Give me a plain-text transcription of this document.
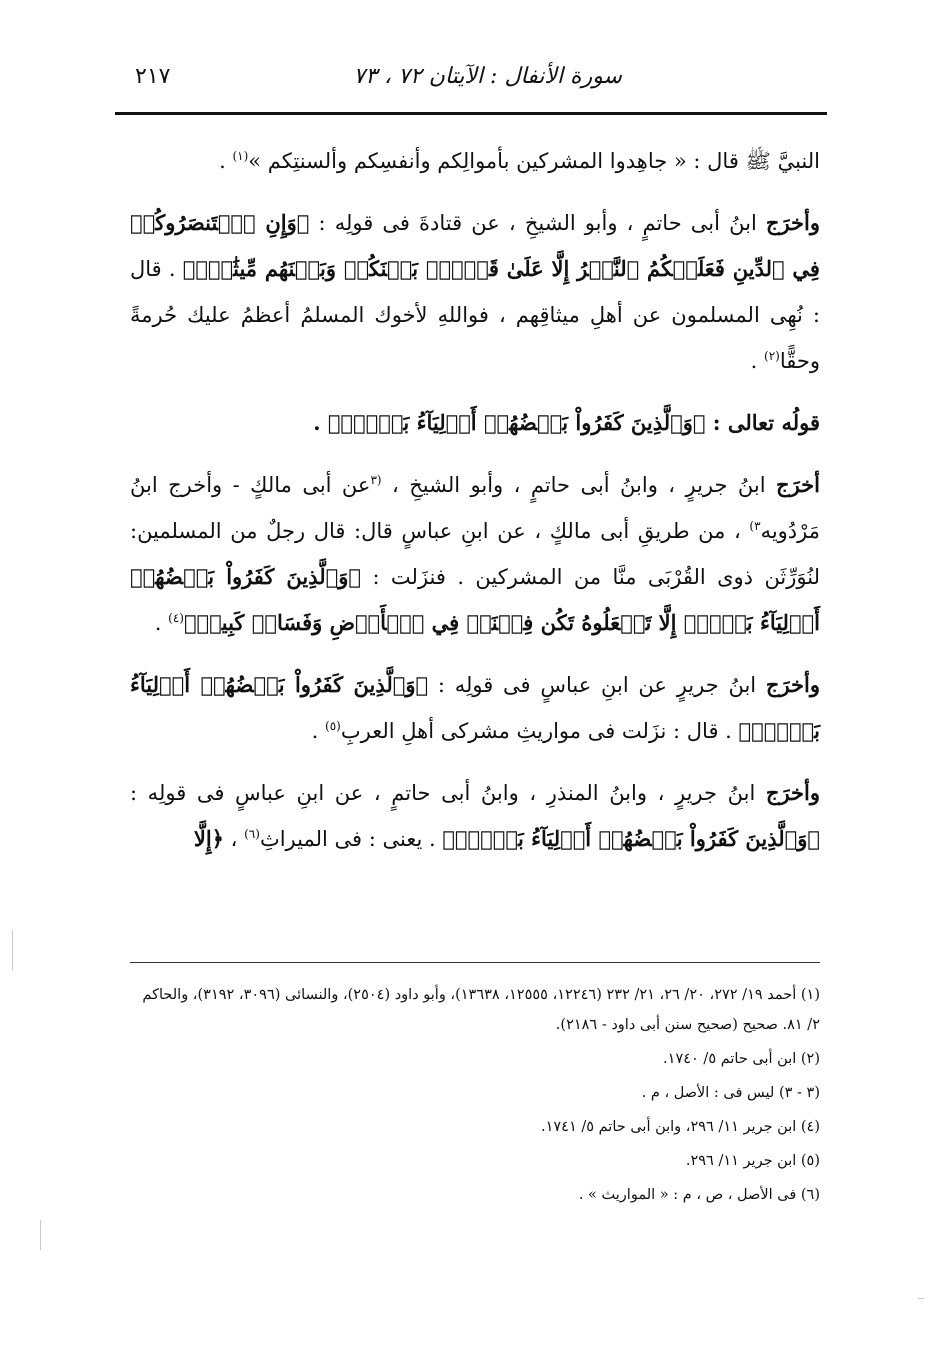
سورة الأنفال : الآيتان ٧٢ ، ٧٣
٢١٧

النبيَّ ﷺ قال : « جاهِدوا المشركين بأموالِكم وأنفسِكم وألسنتِكم »$^{(١)}$ .

وأخرَج ابنُ أبى حاتمٍ ، وأبو الشيخِ ، عن قتادةَ فى قولِه : ﴿وَإِنِ ٱسۡتَنصَرُوكُمۡ فِي ٱلدِّينِ فَعَلَيۡكُمُ ٱلنَّصۡرُ إِلَّا عَلَىٰ قَوۡمِۭ بَيۡنَكُمۡ وَبَيۡنَهُم مِّيثَٰقٞۚ﴾ . قال : نُهِى المسلمون عن أهلِ ميثاقِهم ، فواللهِ لأخوك المسلمُ أعظمُ عليك حُرمةً وحقًّا$^{(٢)}$ .

قولُه تعالى : ﴿وَٱلَّذِينَ كَفَرُواْ بَعۡضُهُمۡ أَوۡلِيَآءُ بَعۡضٍۚ﴾ .

أخرَج ابنُ جريرٍ ، وابنُ أبى حاتمٍ ، وأبو الشيخِ ، $^{(٣}$عن أبى مالكٍ - وأخرج ابنُ مَرْدُويه$^{٣)}$ ، من طريقِ أبى مالكٍ ، عن ابنِ عباسٍ قال: قال رجلٌ من المسلمين: لنُوَرِّثَن ذوى القُرْبَى منَّا من المشركين . فنزَلت : ﴿وَٱلَّذِينَ كَفَرُواْ بَعۡضُهُمۡ أَوۡلِيَآءُ بَعۡضٍۚ إِلَّا تَفۡعَلُوهُ تَكُن فِتۡنَةٞ فِي ٱلۡأَرۡضِ وَفَسَادٞ كَبِيرٞ﴾$^{(٤)}$ .

وأخرَج ابنُ جريرٍ عن ابنِ عباسٍ فى قولِه : ﴿وَٱلَّذِينَ كَفَرُواْ بَعۡضُهُمۡ أَوۡلِيَآءُ بَعۡضٍۚ﴾ . قال : نزَلت فى مواريثِ مشركى أهلِ العربِ$^{(٥)}$ .

وأخرَج ابنُ جريرٍ ، وابنُ المنذرِ ، وابنُ أبى حاتمٍ ، عن ابنِ عباسٍ فى قولِه : ﴿وَٱلَّذِينَ كَفَرُواْ بَعۡضُهُمۡ أَوۡلِيَآءُ بَعۡضٍۚ﴾ . يعنى : فى الميراثِ$^{(٦)}$ ، ﴿إِلَّا

(١) أحمد ١٩/ ٢٧٢، ٢٠/ ٢٦، ٢١/ ٢٣٢ (١٢٢٤٦، ١٢٥٥٥، ١٣٦٣٨)، وأبو داود (٢٥٠٤)، والنسائى (٣٠٩٦، ٣١٩٢)، والحاكم ٢/ ٨١. صحيح (صحيح سنن أبى داود - ٢١٨٦).

(٢) ابن أبى حاتم ٥/ ١٧٤٠.

(٣ - ٣) ليس فى : الأصل ، م .

(٤) ابن جرير ١١/ ٢٩٦، وابن أبى حاتم ٥/ ١٧٤١.

(٥) ابن جرير ١١/ ٢٩٦.

(٦) فى الأصل ، ص ، م : « المواريث » .
